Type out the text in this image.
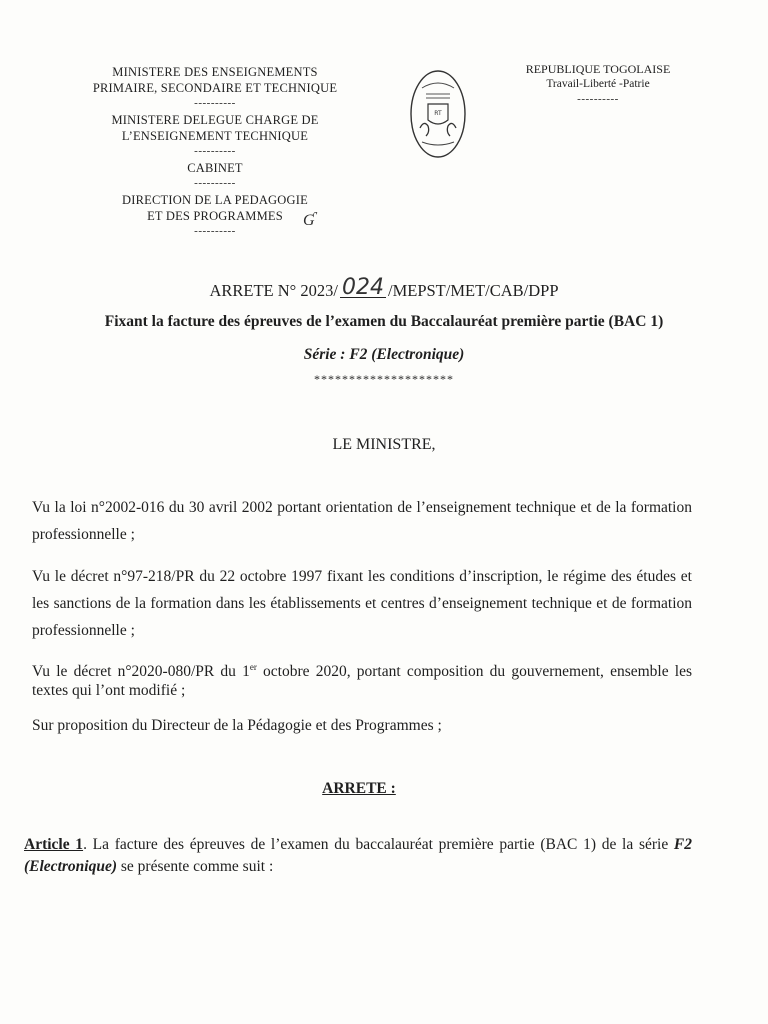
MINISTERE DES ENSEIGNEMENTS
PRIMAIRE, SECONDAIRE ET TECHNIQUE
----------
MINISTERE DELEGUE CHARGE DE
L’ENSEIGNEMENT TECHNIQUE
----------
CABINET
----------
DIRECTION DE LA PEDAGOGIE
ET DES PROGRAMMES
----------
Ɠ
RT
REPUBLIQUE TOGOLAISE
Travail-Liberté -Patrie
----------
ARRETE N° 2023/ 024 /MEPST/MET/CAB/DPP
Fixant la facture des épreuves de l’examen du Baccalauréat première partie (BAC 1)
Série : F2 (Electronique)
********************
LE MINISTRE,
Vu la loi n°2002-016 du 30 avril 2002 portant orientation de l’enseignement technique et de la formation professionnelle ;
Vu le décret n°97-218/PR du 22 octobre 1997 fixant les conditions d’inscription, le régime des études et les sanctions de la formation dans les établissements et centres d’enseignement technique et de formation professionnelle ;
Vu le décret n°2020-080/PR du 1er octobre 2020, portant composition du gouvernement, ensemble les textes qui l’ont modifié ;
Sur proposition du Directeur de la Pédagogie et des Programmes ;
ARRETE :
Article 1. La facture des épreuves de l’examen du baccalauréat première partie (BAC 1) de la série F2 (Electronique) se présente comme suit :
